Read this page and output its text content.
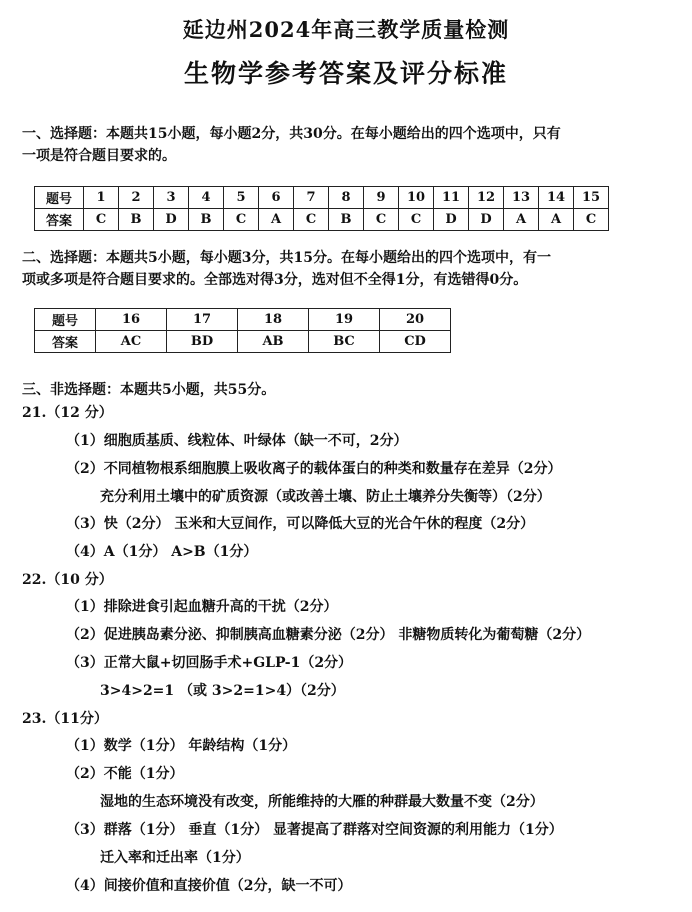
延边州2024年高三教学质量检测
生物学参考答案及评分标准
一、选择题：本题共15小题，每小题2分，共30分。在每小题给出的四个选项中，只有
一项是符合题目要求的。
题号	1	2	3	4	5	6	7	8	9	10	11	12	13	14	15
答案	C	B	D	B	C	A	C	B	C	C	D	D	A	A	C
二、选择题：本题共5小题，每小题3分，共15分。在每小题给出的四个选项中，有一
项或多项是符合题目要求的。全部选对得3分，选对但不全得1分，有选错得0分。
题号	16	17	18	19	20
答案	AC	BD	AB	BC	CD
三、非选择题：本题共5小题，共55分。
21.（12 分）
（1）细胞质基质、线粒体、叶绿体（缺一不可，2分）
（2）不同植物根系细胞膜上吸收离子的载体蛋白的种类和数量存在差异（2分）
充分利用土壤中的矿质资源（或改善土壤、防止土壤养分失衡等）（2分）
（3）快（2分） 玉米和大豆间作，可以降低大豆的光合午休的程度（2分）
（4）A（1分） A>B（1分）
22.（10 分）
（1）排除进食引起血糖升高的干扰（2分）
（2）促进胰岛素分泌、抑制胰高血糖素分泌（2分） 非糖物质转化为葡萄糖（2分）
（3）正常大鼠+切回肠手术+GLP-1（2分）
3>4>2=1 （或 3>2=1>4）（2分）
23.（11分）
（1）数学（1分） 年龄结构（1分）
（2）不能（1分）
湿地的生态环境没有改变，所能维持的大雁的种群最大数量不变（2分）
（3）群落（1分） 垂直（1分） 显著提高了群落对空间资源的利用能力（1分）
迁入率和迁出率（1分）
（4）间接价值和直接价值（2分，缺一不可）
